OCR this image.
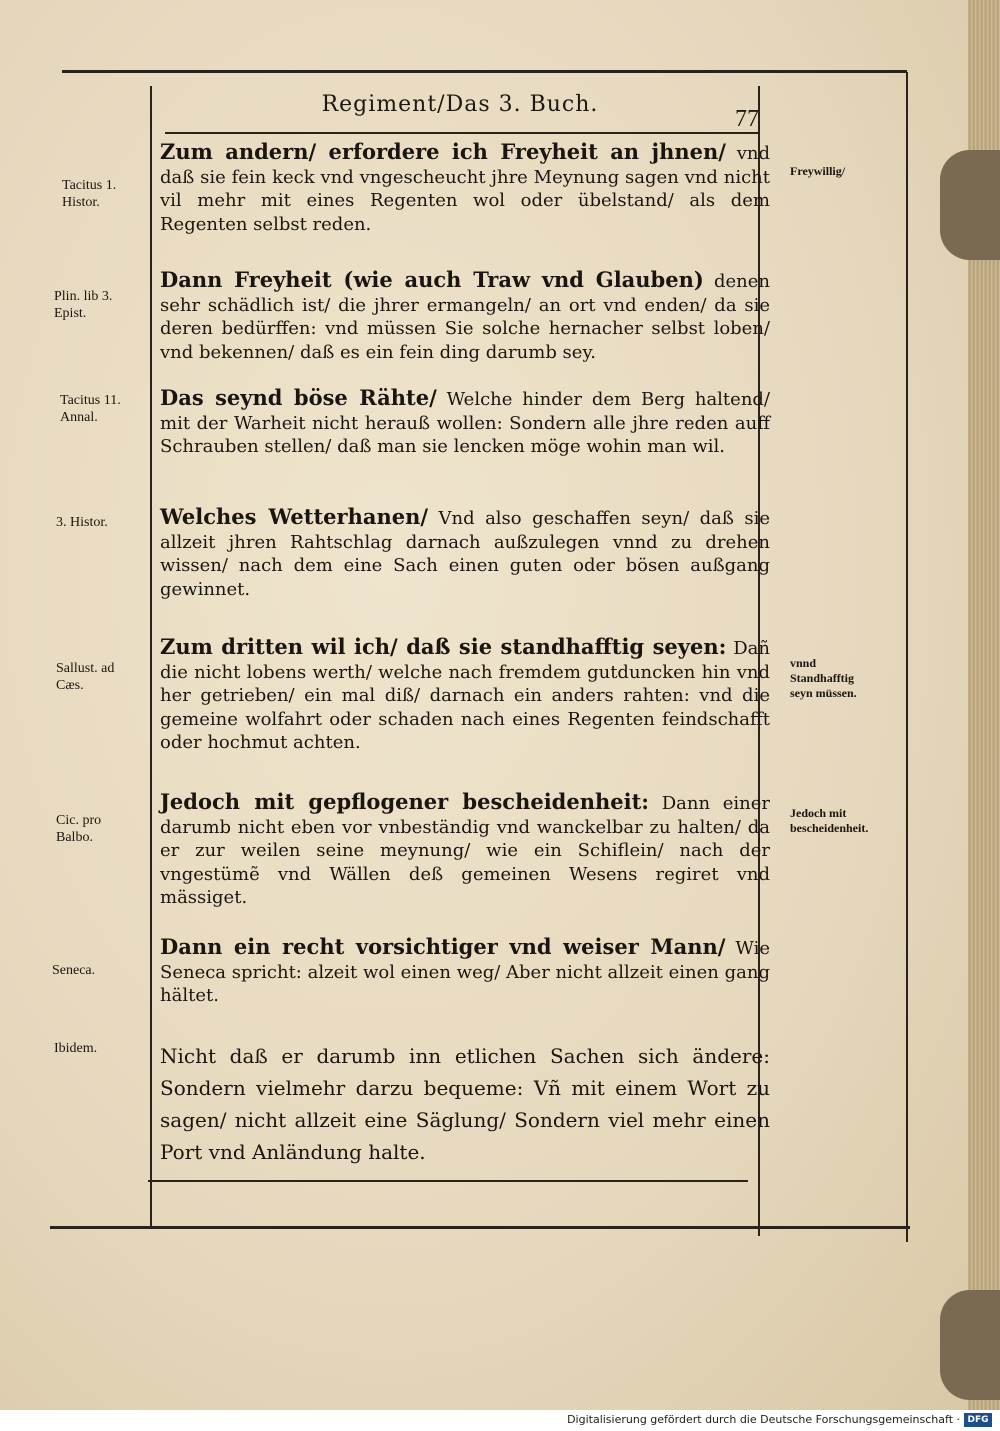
Regiment/Das 3. Buch.
77
Zum andern/ erfordere ich Freyheit an jhnen/ vnd daß sie fein keck vnd vngescheucht jhre Meynung sagen vnd nicht vil mehr mit eines Regenten wol oder übelstand/ als dem Regenten selbst reden.
Dann Freyheit (wie auch Traw vnd Glauben) denen sehr schädlich ist/ die jhrer ermangeln/ an ort vnd enden/ da sie deren bedürffen: vnd müssen Sie solche hernacher selbst loben/ vnd bekennen/ daß es ein fein ding darumb sey.
Das seynd böse Rähte/ Welche hinder dem Berg haltend/ mit der Warheit nicht herauß wollen: Sondern alle jhre reden auff Schrauben stellen/ daß man sie lencken möge wohin man wil.
Welches Wetterhanen/ Vnd also geschaffen seyn/ daß sie allzeit jhren Rahtschlag darnach außzulegen vnnd zu drehen wissen/ nach dem eine Sach einen guten oder bösen außgang gewinnet.
Zum dritten wil ich/ daß sie standhafftig seyen: Dañ die nicht lobens werth/ welche nach fremdem gutduncken hin vnd her getrieben/ ein mal diß/ darnach ein anders rahten: vnd die gemeine wolfahrt oder schaden nach eines Regenten feindschafft oder hochmut achten.
Jedoch mit gepflogener bescheidenheit: Dann einer darumb nicht eben vor vnbeständig vnd wanckelbar zu halten/ da er zur weilen seine meynung/ wie ein Schiflein/ nach der vngestümẽ vnd Wällen deß gemeinen Wesens regiret vnd mässiget.
Dann ein recht vorsichtiger vnd weiser Mann/ Wie Seneca spricht: alzeit wol einen weg/ Aber nicht allzeit einen gang hältet.
Nicht daß er darumb inn etlichen Sachen sich ändere: Sondern vielmehr darzu bequeme: Vñ mit einem Wort zu sagen/ nicht allzeit eine Säglung/ Sondern viel mehr einen Port vnd Anländung halte.
Tacitus 1. Histor.
Plin. lib 3. Epist.
Tacitus 11. Annal.
3. Histor.
Sallust. ad Cæs.
Cic. pro Balbo.
Seneca.
Ibidem.
Freywillig/
vnnd Standhafftig seyn müssen.
Jedoch mit bescheidenheit.
Digitalisierung gefördert durch die Deutsche Forschungsgemeinschaft · DFG
